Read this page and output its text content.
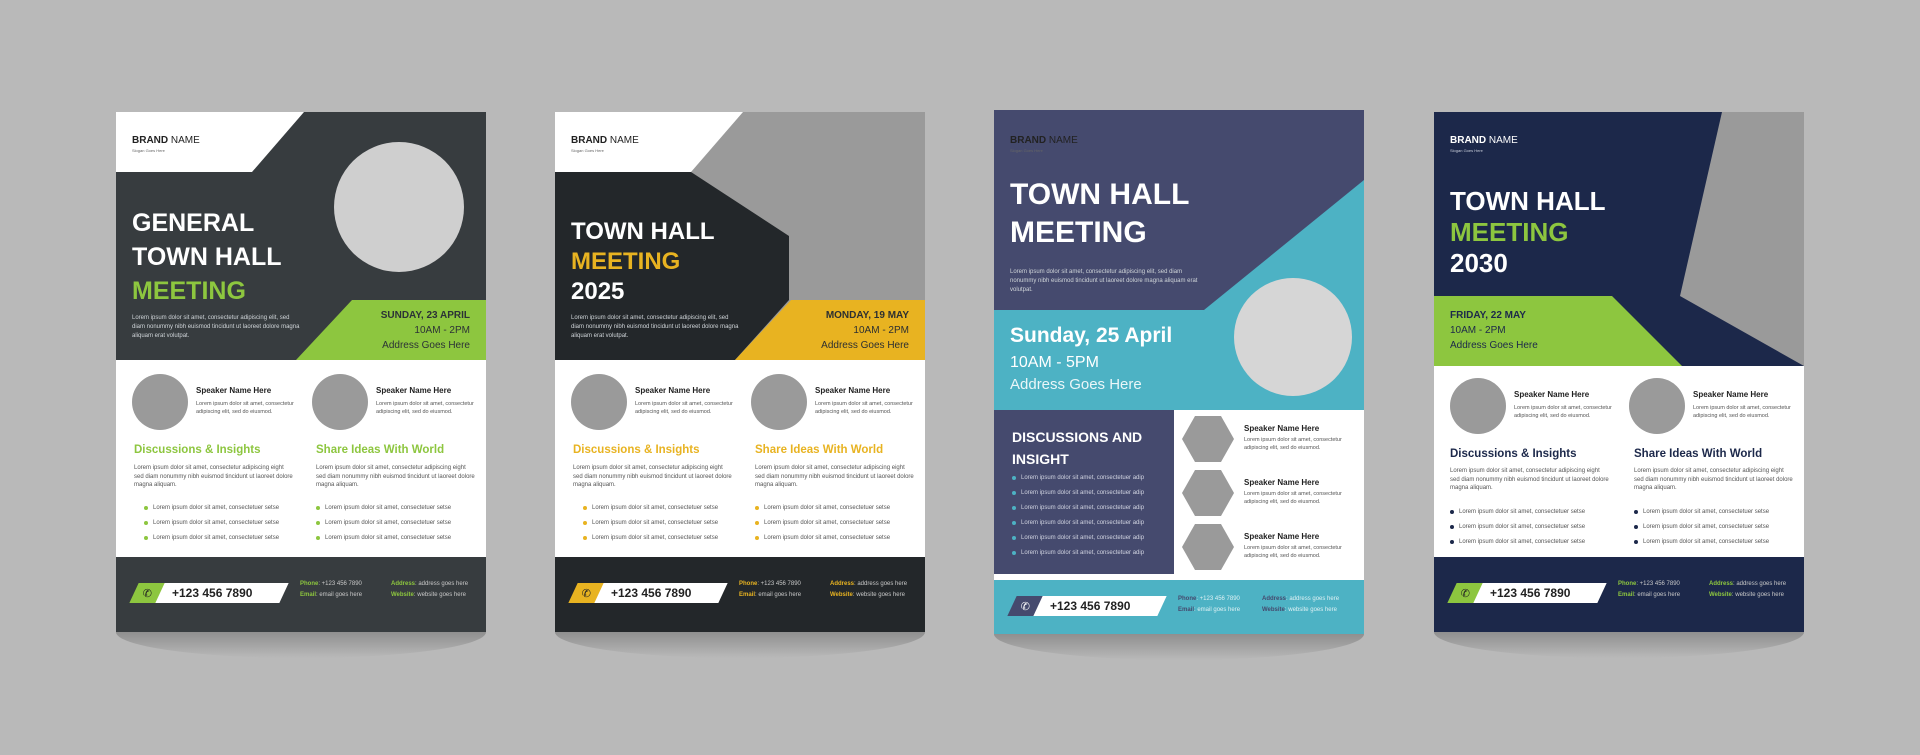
BRAND NAME
Slogan Goes Here
GENERAL
TOWN HALL
MEETING
Lorem ipsum dolor sit amet, consectetur adipiscing elit, sed diam nonummy nibh euismod tincidunt ut laoreet dolore magna aliquam erat volutpat.
SUNDAY, 23 APRIL
10AM - 2PM
Address Goes Here
Speaker Name Here
Lorem ipsum dolor sit amet, consectetur adipiscing elit, sed do eiusmod.
Speaker Name Here
Lorem ipsum dolor sit amet, consectetur adipiscing elit, sed do eiusmod.
Discussions & Insights	Share Ideas With World
Lorem ipsum dolor sit amet, consectetur adipiscing eight sed diam nonummy nibh euismod tincidunt ut laoreet dolore magna aliquam.
Lorem ipsum dolor sit amet, consectetur adipiscing eight sed diam nonummy nibh euismod tincidunt ut laoreet dolore magna aliquam.
Lorem ipsum dolor sit amet, consectetuer setse
Lorem ipsum dolor sit amet, consectetuer setse
Lorem ipsum dolor sit amet, consectetuer setse
Lorem ipsum dolor sit amet, consectetuer setse
Lorem ipsum dolor sit amet, consectetuer setse
Lorem ipsum dolor sit amet, consectetuer setse
✆	+123 456 7890
Phone: +123 456 7890
Email: email goes here
Address: address goes here
Website: website goes here
BRAND NAME
Slogan Goes Here
TOWN HALL
MEETING
2025
Lorem ipsum dolor sit amet, consectetur adipiscing elit, sed diam nonummy nibh euismod tincidunt ut laoreet dolore magna aliquam erat volutpat.
MONDAY, 19 MAY
10AM - 2PM
Address Goes Here
Speaker Name Here
Lorem ipsum dolor sit amet, consectetur adipiscing elit, sed do eiusmod.
Speaker Name Here
Lorem ipsum dolor sit amet, consectetur adipiscing elit, sed do eiusmod.
Discussions & Insights	Share Ideas With World
Lorem ipsum dolor sit amet, consectetur adipiscing eight sed diam nonummy nibh euismod tincidunt ut laoreet dolore magna aliquam.
Lorem ipsum dolor sit amet, consectetur adipiscing eight sed diam nonummy nibh euismod tincidunt ut laoreet dolore magna aliquam.
Lorem ipsum dolor sit amet, consectetuer setse
Lorem ipsum dolor sit amet, consectetuer setse
Lorem ipsum dolor sit amet, consectetuer setse
Lorem ipsum dolor sit amet, consectetuer setse
Lorem ipsum dolor sit amet, consectetuer setse
Lorem ipsum dolor sit amet, consectetuer setse
✆	+123 456 7890
Phone: +123 456 7890
Email: email goes here
Address: address goes here
Website: website goes here
BRAND NAME
Slogan Goes Here
TOWN HALL
MEETING
Lorem ipsum dolor sit amet, consectetur adipiscing elit, sed diam nonummy nibh euismod tincidunt ut laoreet dolore magna aliquam erat volutpat.
Sunday, 25 April
10AM - 5PM
Address Goes Here
DISCUSSIONS AND INSIGHT
Lorem ipsum dolor sit amet, consectetuer adip
Lorem ipsum dolor sit amet, consectetuer adip
Lorem ipsum dolor sit amet, consectetuer adip
Lorem ipsum dolor sit amet, consectetuer adip
Lorem ipsum dolor sit amet, consectetuer adip
Lorem ipsum dolor sit amet, consectetuer adip
Speaker Name Here
Lorem ipsum dolor sit amet, consectetur adipiscing elit, sed do eiusmod.
Speaker Name Here
Lorem ipsum dolor sit amet, consectetur adipiscing elit, sed do eiusmod.
Speaker Name Here
Lorem ipsum dolor sit amet, consectetur adipiscing elit, sed do eiusmod.
✆	+123 456 7890	Phone: +123 456 7890
Email: email goes here
Address: address goes here
Website: website goes here
BRAND NAME
Slogan Goes Here
TOWN HALL
MEETING
2030
FRIDAY, 22 MAY
10AM - 2PM
Address Goes Here
Speaker Name Here
Lorem ipsum dolor sit amet, consectetur adipiscing elit, sed do eiusmod.
Speaker Name Here
Lorem ipsum dolor sit amet, consectetur adipiscing elit, sed do eiusmod.
Discussions & Insights	Share Ideas With World
Lorem ipsum dolor sit amet, consectetur adipiscing eight sed diam nonummy nibh euismod tincidunt ut laoreet dolore magna aliquam.
Lorem ipsum dolor sit amet, consectetur adipiscing eight sed diam nonummy nibh euismod tincidunt ut laoreet dolore magna aliquam.
Lorem ipsum dolor sit amet, consectetuer setse
Lorem ipsum dolor sit amet, consectetuer setse
Lorem ipsum dolor sit amet, consectetuer setse
Lorem ipsum dolor sit amet, consectetuer setse
Lorem ipsum dolor sit amet, consectetuer setse
Lorem ipsum dolor sit amet, consectetuer setse
✆	+123 456 7890
Phone: +123 456 7890
Email: email goes here
Address: address goes here
Website: website goes here
